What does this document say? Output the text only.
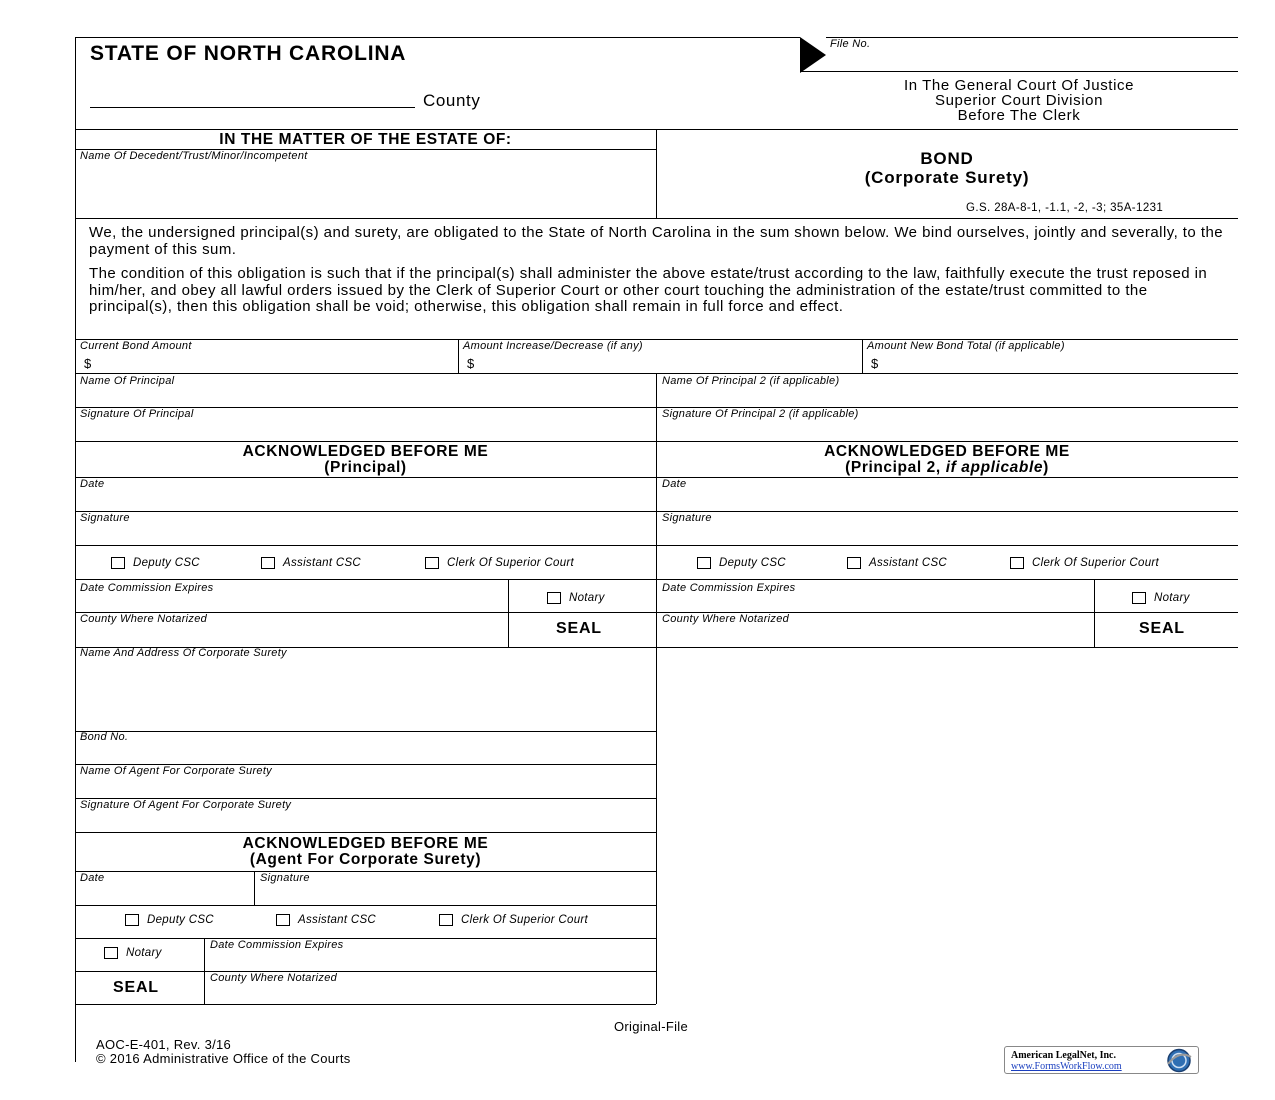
File No.
STATE OF NORTH CAROLINA
County
In The General Court Of Justice
Superior Court Division
Before The Clerk
IN THE MATTER OF THE ESTATE OF:
Name Of Decedent/Trust/Minor/Incompetent	BOND
(Corporate Surety)
G.S. 28A-8-1, -1.1, -2, -3; 35A-1231
We, the undersigned principal(s) and surety, are obligated to the State of North Carolina in the sum shown below. We bind ourselves, jointly and severally, to the payment of this sum.
The condition of this obligation is such that if the principal(s) shall administer the above estate/trust according to the law, faithfully execute the trust reposed in him/her, and obey all lawful orders issued by the Clerk of Superior Court or other court touching the administration of the estate/trust committed to the principal(s), then this obligation shall be void; otherwise, this obligation shall remain in full force and effect.
Current Bond Amount
$
Amount Increase/Decrease (if any)
$
Amount New Bond Total (if applicable)
$
Name Of Principal	Name Of Principal 2 (if applicable)
Signature Of Principal	Signature Of Principal 2 (if applicable)
ACKNOWLEDGED BEFORE ME
(Principal)
ACKNOWLEDGED BEFORE ME
(Principal 2, if applicable)
Date	Date
Signature	Signature
Deputy CSC	Assistant CSC	Clerk Of Superior Court	Deputy CSC	Assistant CSC	Clerk Of Superior Court
Date Commission Expires
Notary
County Where Notarized
SEAL
Date Commission Expires
Notary
County Where Notarized
SEAL
Name And Address Of Corporate Surety
Bond No.
Name Of Agent For Corporate Surety
Signature Of Agent For Corporate Surety
ACKNOWLEDGED BEFORE ME
(Agent For Corporate Surety)
Date	Signature
Deputy CSC	Assistant CSC	Clerk Of Superior Court
Notary
Date Commission Expires
SEAL
County Where Notarized
Original-File
AOC-E-401, Rev. 3/16
© 2016 Administrative Office of the Courts	American LegalNet, Inc.
www.FormsWorkFlow.com
